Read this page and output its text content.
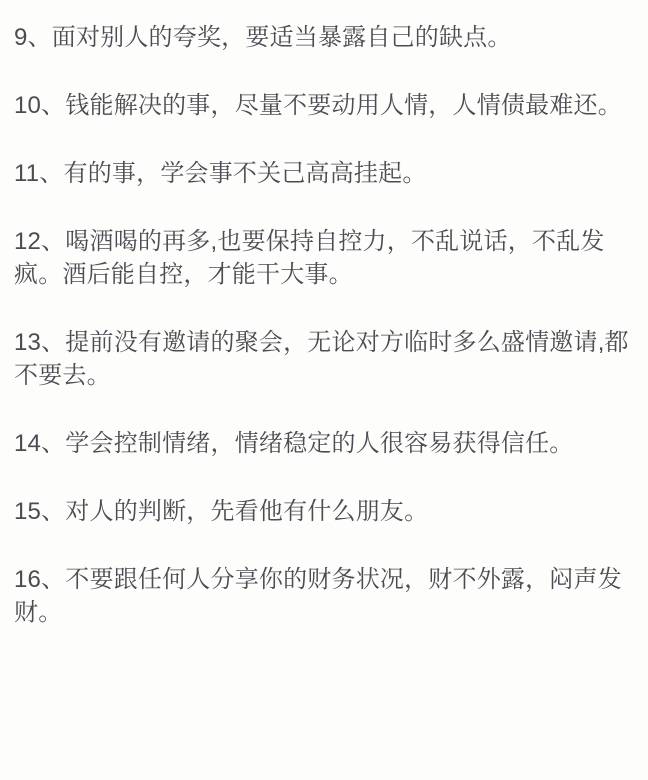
9、面对别人的夸奖，要适当暴露自己的缺点。

10、钱能解决的事，尽量不要动用人情，人情债最难还。

11、有的事，学会事不关己高高挂起。

12、喝酒喝的再多,也要保持自控力，不乱说话，不乱发疯。酒后能自控，才能干大事。

13、提前没有邀请的聚会，无论对方临时多么盛情邀请,都不要去。

14、学会控制情绪，情绪稳定的人很容易获得信任。

15、对人的判断，先看他有什么朋友。

16、不要跟任何人分享你的财务状况，财不外露，闷声发财。
